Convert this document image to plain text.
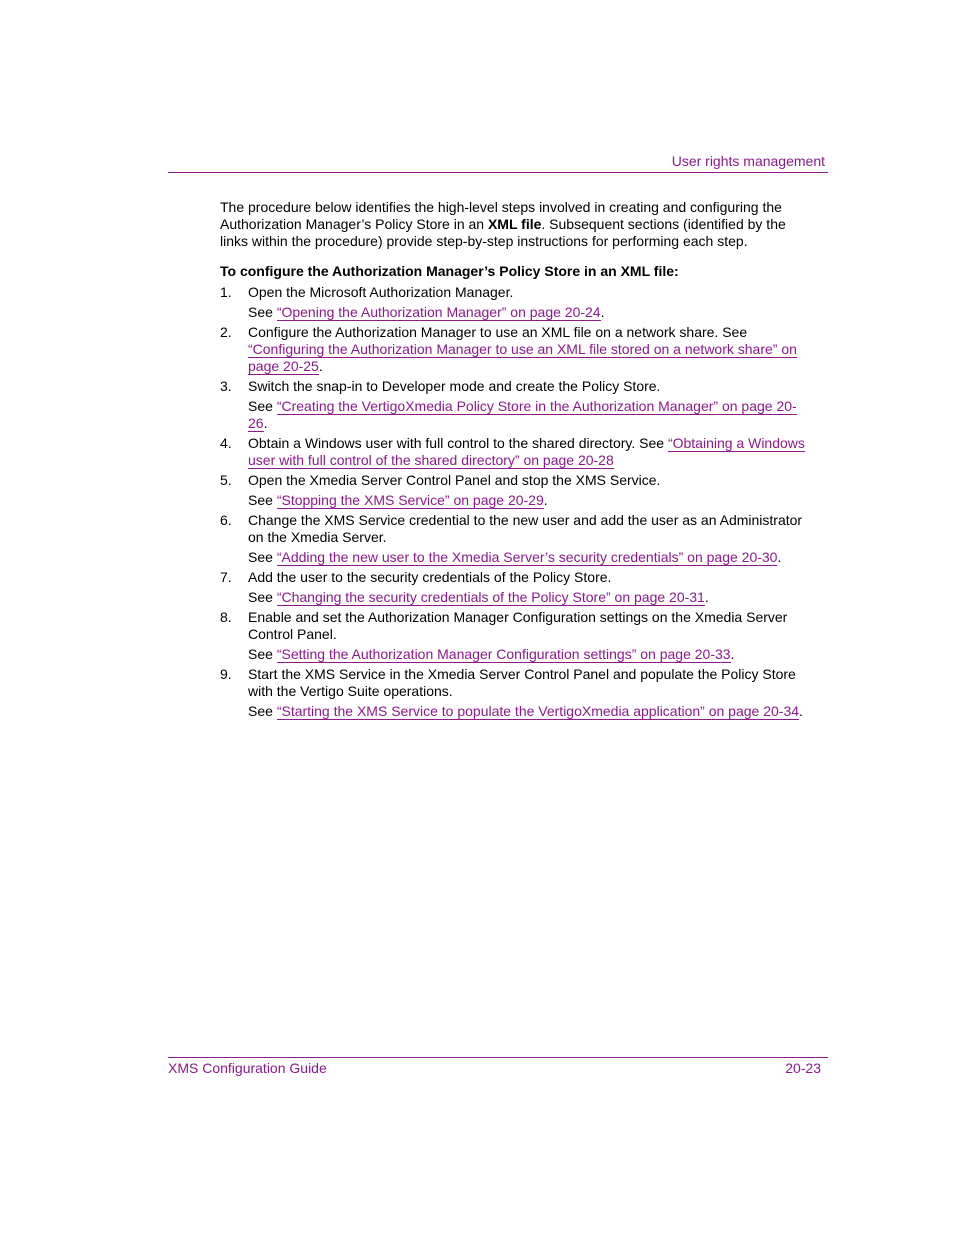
User rights management

The procedure below identifies the high-level steps involved in creating and configuring the Authorization Manager’s Policy Store in an XML file. Subsequent sections (identified by the links within the procedure) provide step-by-step instructions for performing each step.

To configure the Authorization Manager’s Policy Store in an XML file:

1. Open the Microsoft Authorization Manager.

See “Opening the Authorization Manager” on page 20-24.

2. Configure the Authorization Manager to use an XML file on a network share. See “Configuring the Authorization Manager to use an XML file stored on a network share” on page 20-25.

3. Switch the snap-in to Developer mode and create the Policy Store.

See “Creating the VertigoXmedia Policy Store in the Authorization Manager” on page 20-26.

4. Obtain a Windows user with full control to the shared directory. See “Obtaining a Windows user with full control of the shared directory” on page 20-28

5. Open the Xmedia Server Control Panel and stop the XMS Service.

See “Stopping the XMS Service” on page 20-29.

6. Change the XMS Service credential to the new user and add the user as an Administrator on the Xmedia Server.

See “Adding the new user to the Xmedia Server’s security credentials” on page 20-30.

7. Add the user to the security credentials of the Policy Store.

See “Changing the security credentials of the Policy Store” on page 20-31.

8. Enable and set the Authorization Manager Configuration settings on the Xmedia Server Control Panel.

See “Setting the Authorization Manager Configuration settings” on page 20-33.

9. Start the XMS Service in the Xmedia Server Control Panel and populate the Policy Store with the Vertigo Suite operations.

See “Starting the XMS Service to populate the VertigoXmedia application” on page 20-34.

XMS Configuration Guide	20-23
